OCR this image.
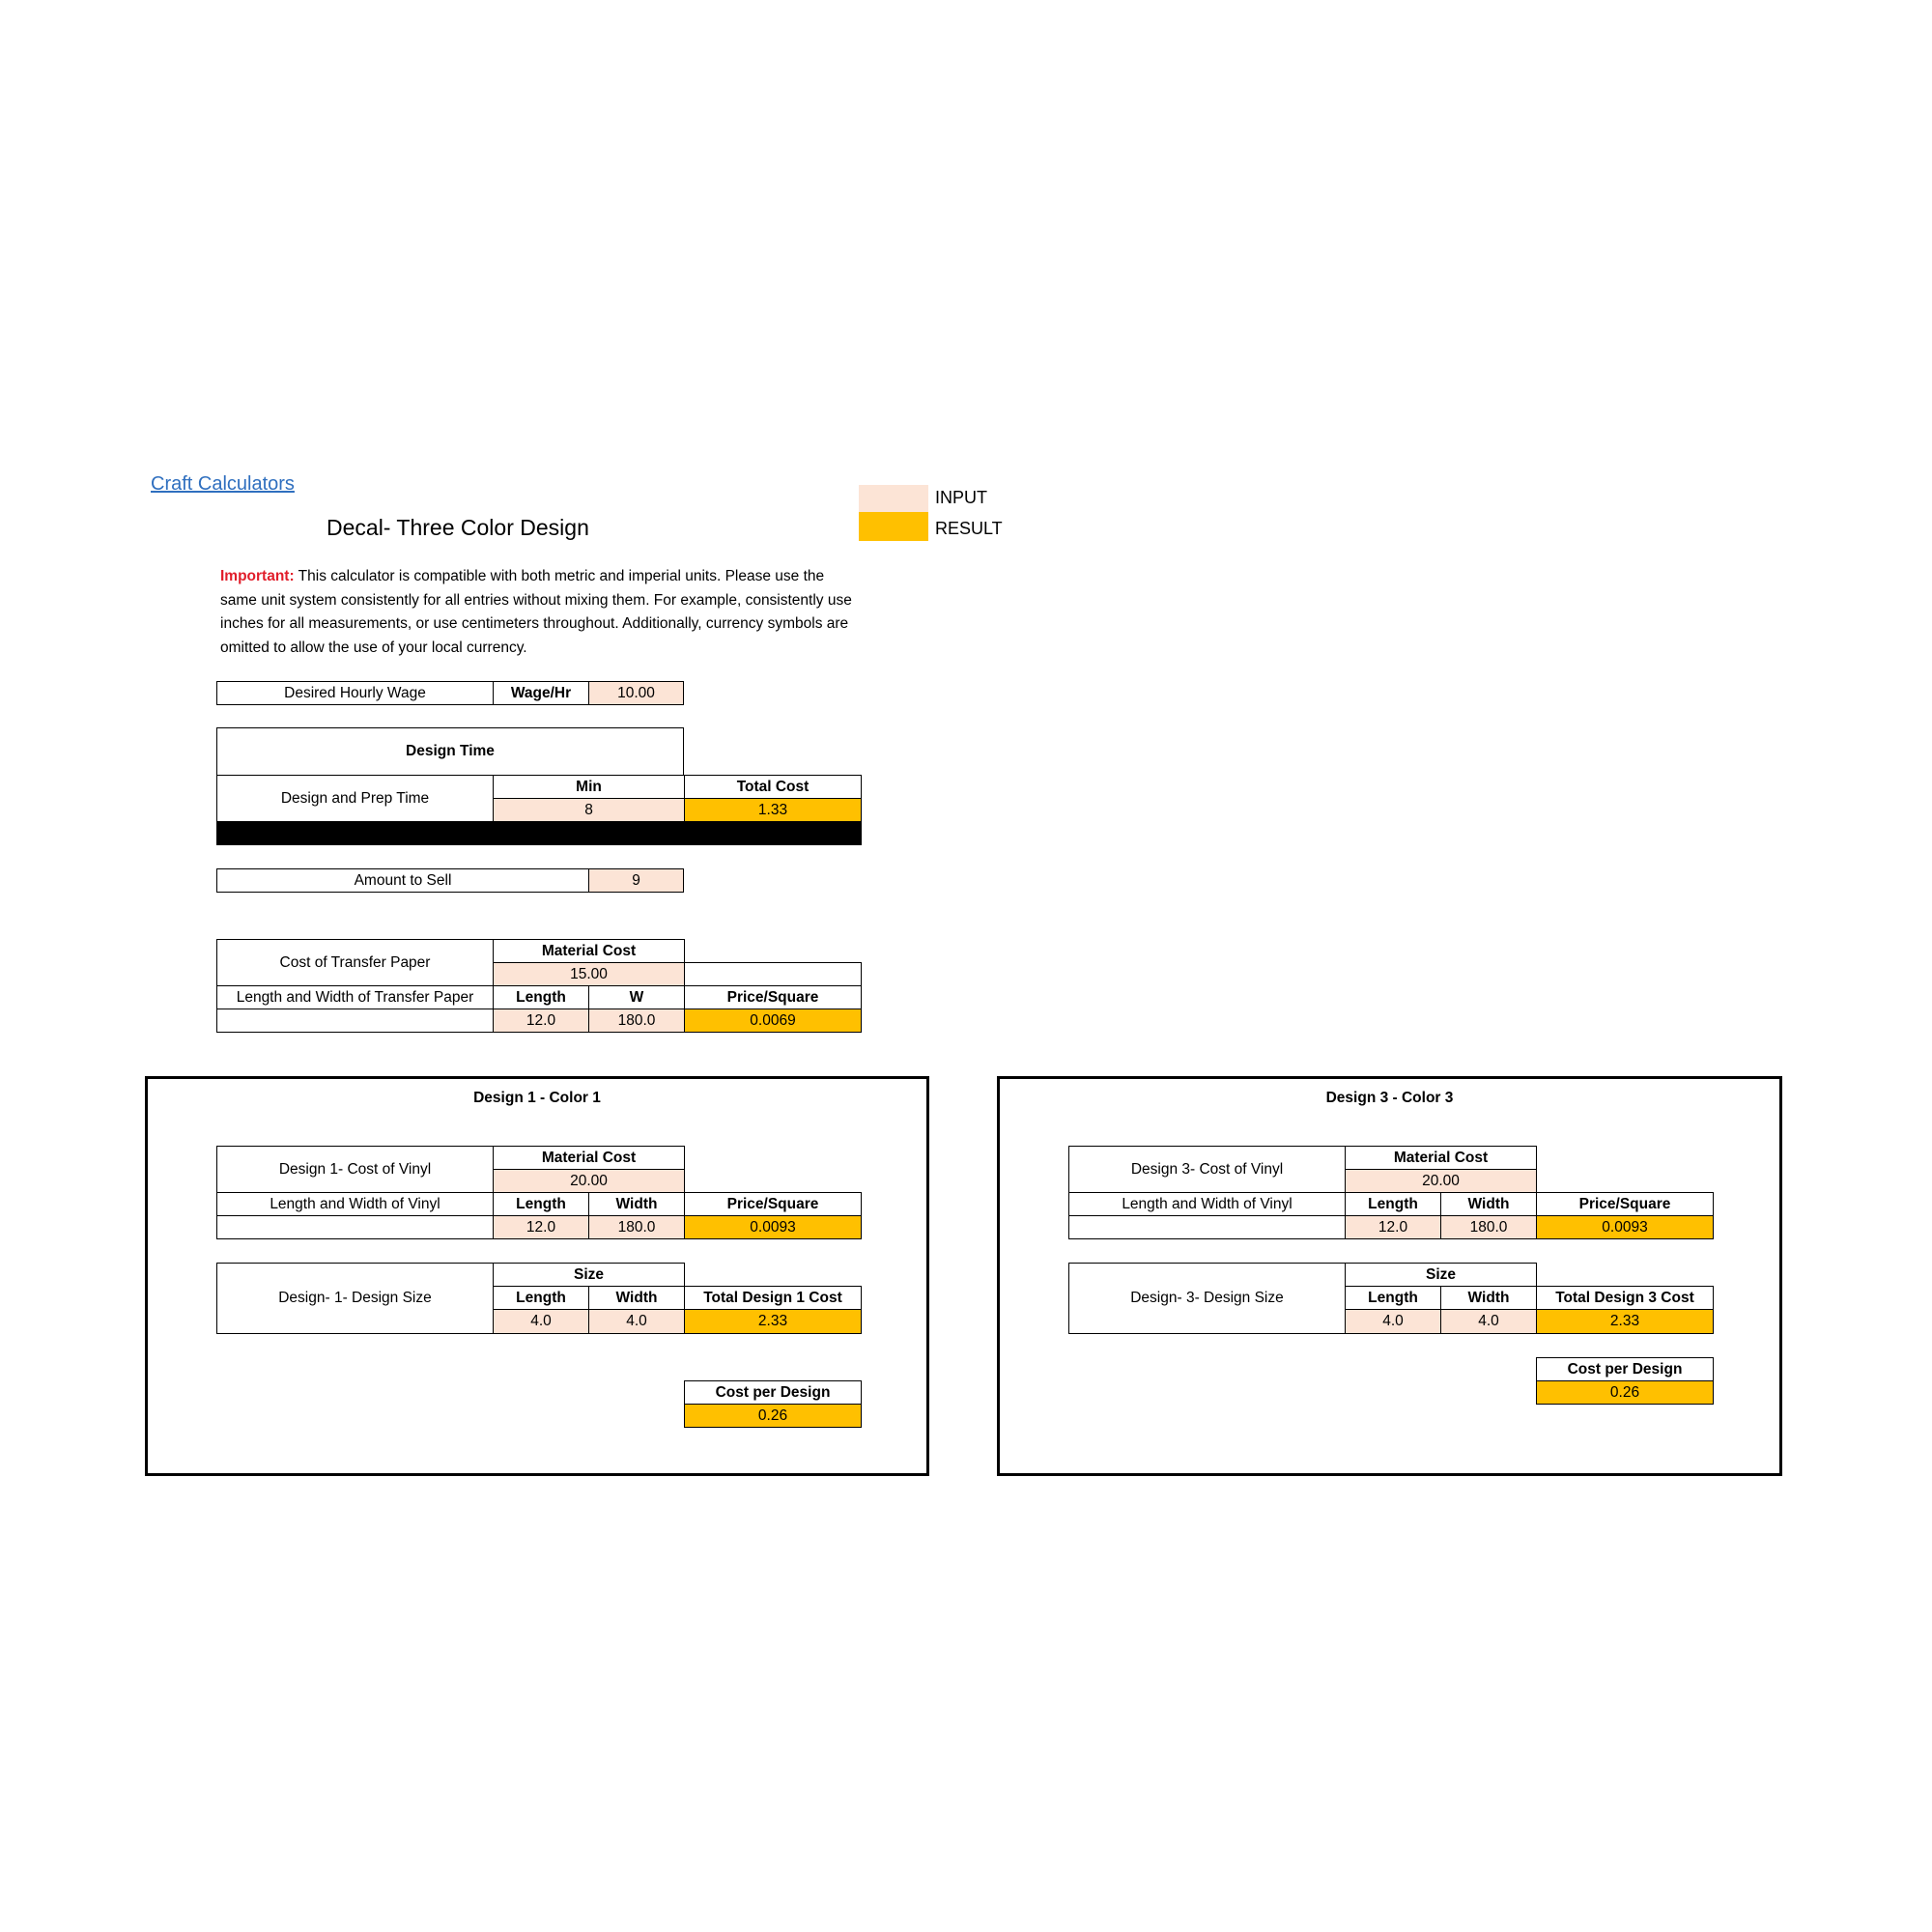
Craft Calculators
Decal- Three Color Design
INPUT
RESULT
Important: This calculator is compatible with both metric and imperial units. Please use the
same unit system consistently for all entries without mixing them. For example, consistently use
inches for all measurements, or use centimeters throughout. Additionally, currency symbols are
omitted to allow the use of your local currency.
Desired Hourly Wage	Wage/Hr	10.00
Design Time
Design and Prep Time
Min	Total Cost
8	1.33
Amount to Sell	9
Cost of Transfer Paper
Material Cost
15.00
Length and Width of Transfer Paper	Length	W	Price/Square
12.0	180.0	0.0069
Design 1 - Color 1
Design 1- Cost of Vinyl
Material Cost
20.00
Length and Width of Vinyl	Length	Width	Price/Square
12.0	180.0	0.0093
Design- 1- Design Size
Size
Length	Width	Total Design 1 Cost
4.0	4.0	2.33
Cost per Design
0.26
Design 3 - Color 3
Design 3- Cost of Vinyl
Material Cost
20.00
Length and Width of Vinyl	Length	Width	Price/Square
12.0	180.0	0.0093
Design- 3- Design Size
Size
Length	Width	Total Design 3 Cost
4.0	4.0	2.33
Cost per Design
0.26
